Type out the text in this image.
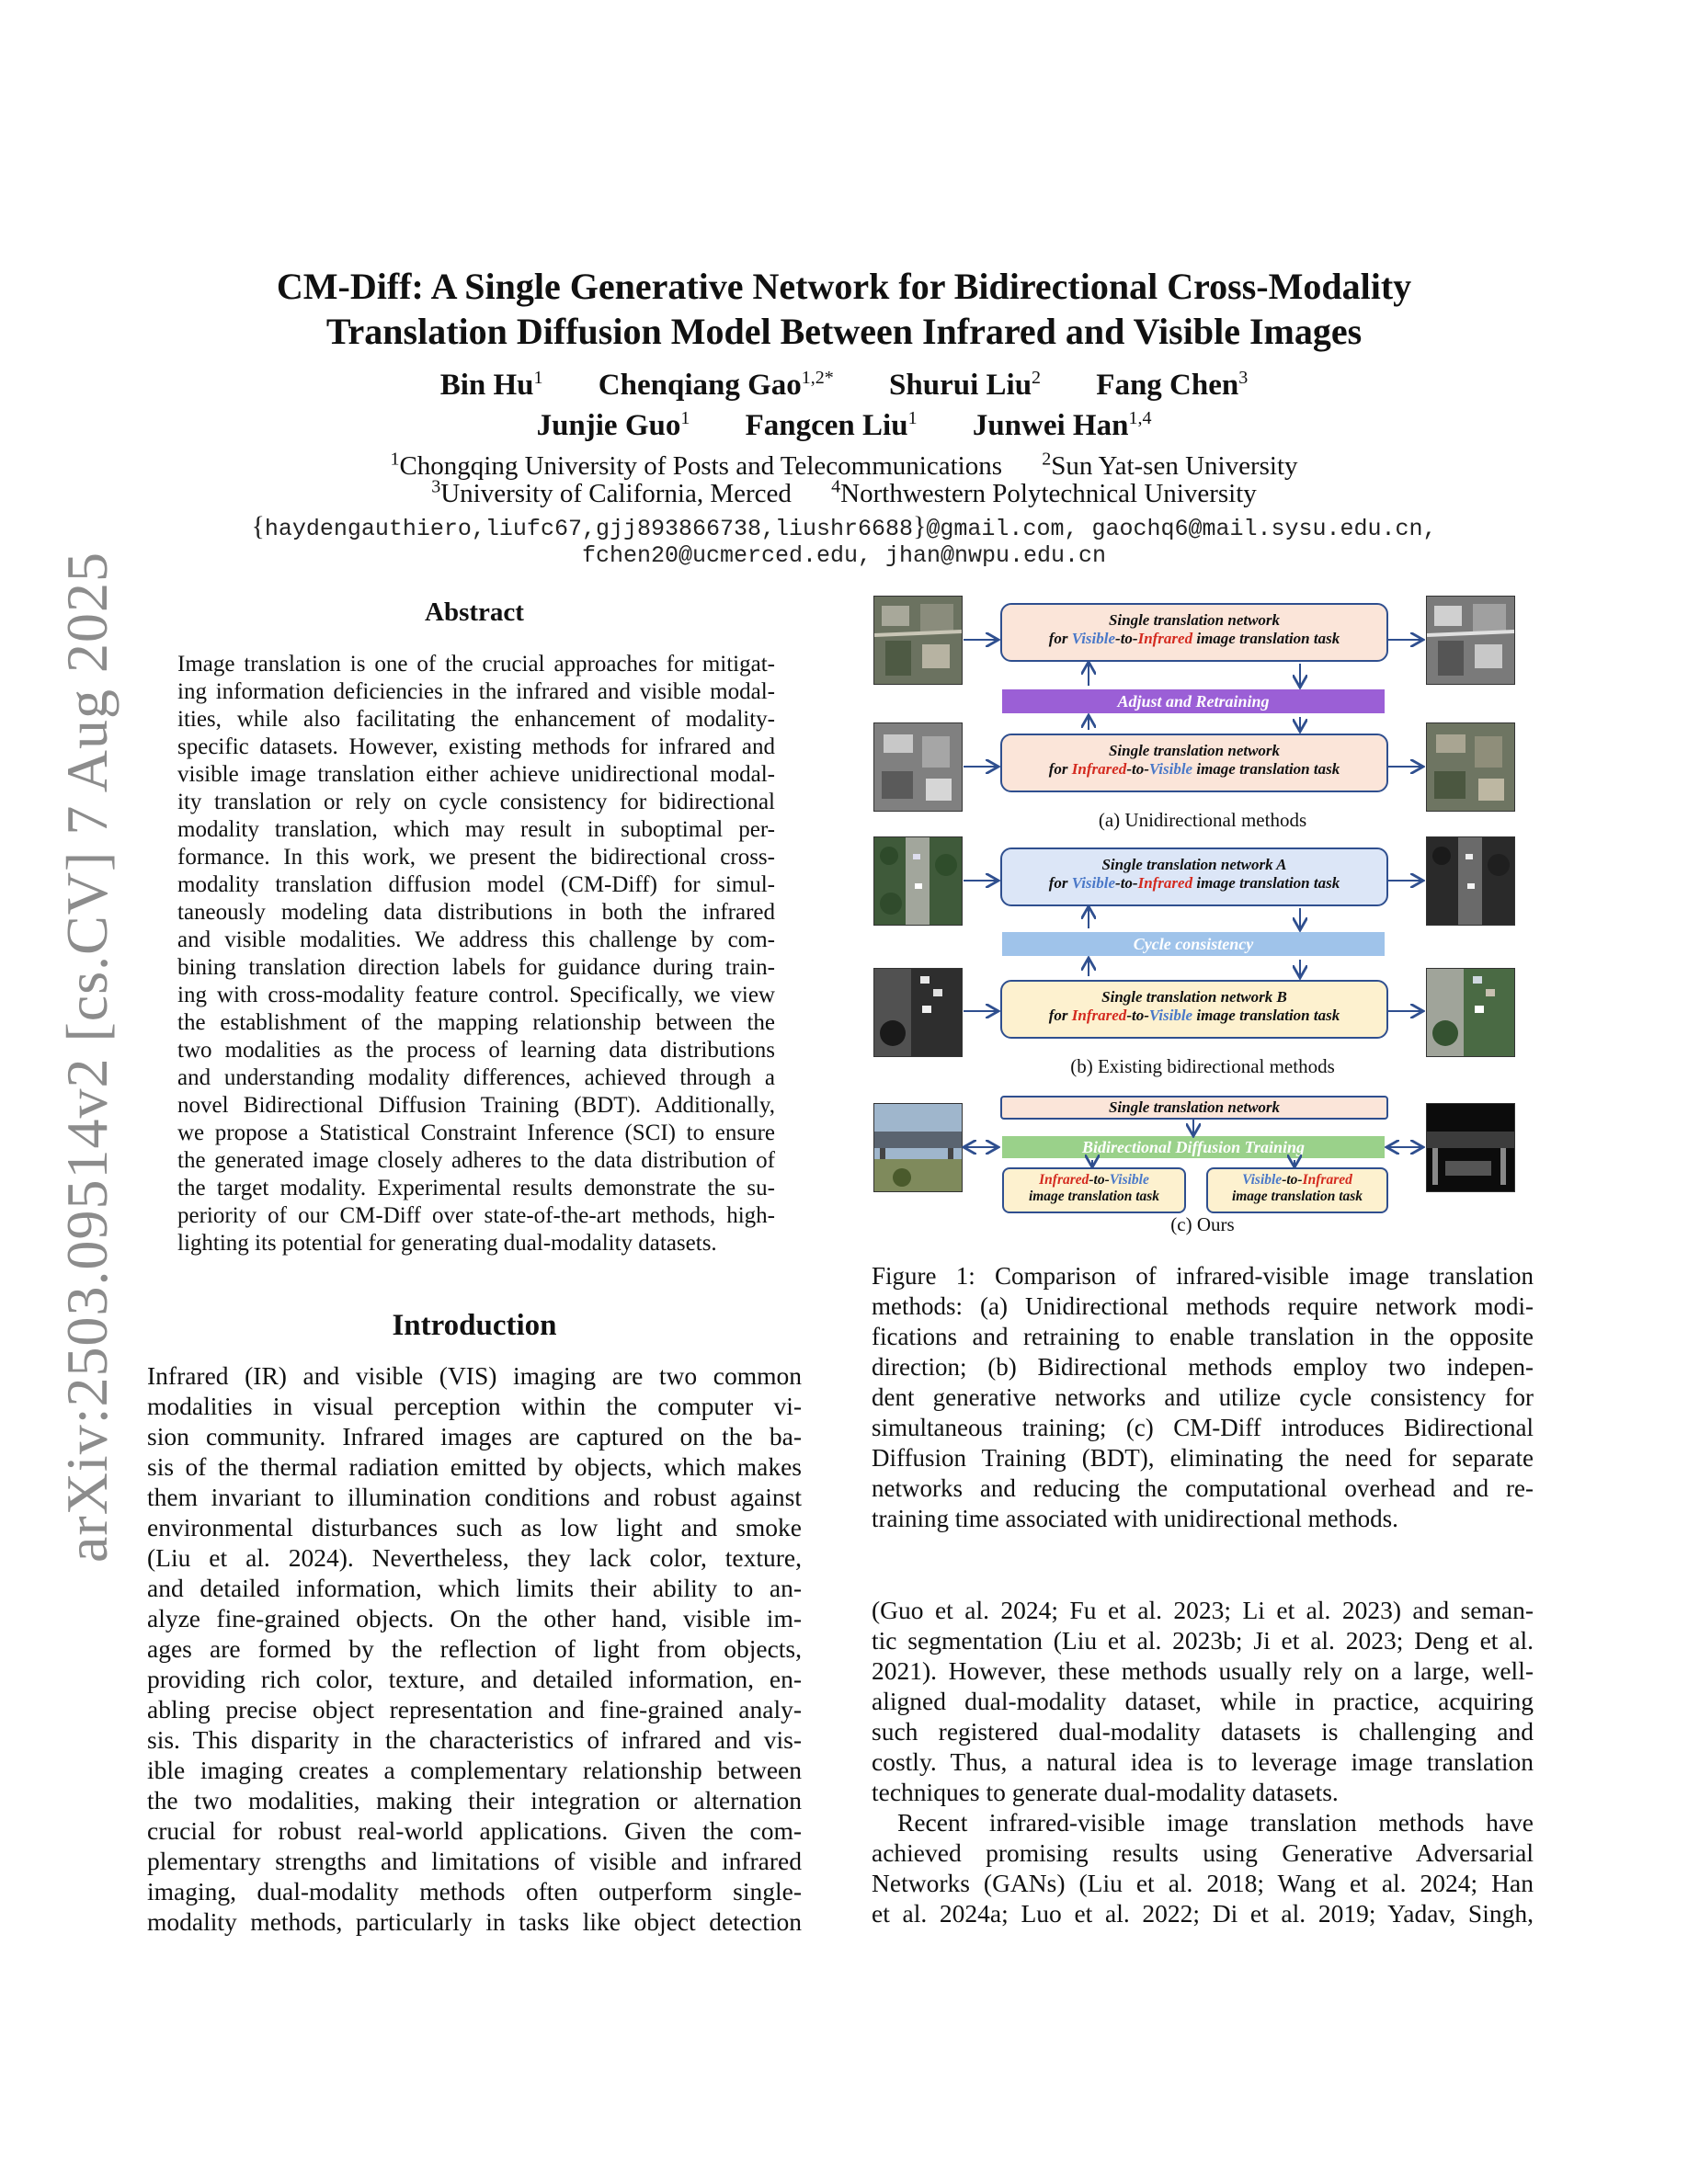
arXiv:2503.09514v2 [cs.CV] 7 Aug 2025
CM-Diff: A Single Generative Network for Bidirectional Cross-Modality
Translation Diffusion Model Between Infrared and Visible Images
Bin Hu$^1$ Chenqiang Gao$^{1,2*}$ Shurui Liu$^2$ Fang Chen$^3$
Junjie Guo$^1$ Fangcen Liu$^1$ Junwei Han$^{1,4}$
$^1$Chongqing University of Posts and Telecommunications $^2$Sun Yat-sen University
$^3$University of California, Merced $^4$Northwestern Polytechnical University
{haydengauthiero,liufc67,gjj893866738,liushr6688}@gmail.com, gaochq6@mail.sysu.edu.cn,
fchen20@ucmerced.edu, jhan@nwpu.edu.cn
Abstract
Image translation is one of the crucial approaches for mitigat-
ing information deficiencies in the infrared and visible modal-
ities, while also facilitating the enhancement of modality-
specific datasets. However, existing methods for infrared and
visible image translation either achieve unidirectional modal-
ity translation or rely on cycle consistency for bidirectional
modality translation, which may result in suboptimal per-
formance. In this work, we present the bidirectional cross-
modality translation diffusion model (CM-Diff) for simul-
taneously modeling data distributions in both the infrared
and visible modalities. We address this challenge by com-
bining translation direction labels for guidance during train-
ing with cross-modality feature control. Specifically, we view
the establishment of the mapping relationship between the
two modalities as the process of learning data distributions
and understanding modality differences, achieved through a
novel Bidirectional Diffusion Training (BDT). Additionally,
we propose a Statistical Constraint Inference (SCI) to ensure
the generated image closely adheres to the data distribution of
the target modality. Experimental results demonstrate the su-
periority of our CM-Diff over state-of-the-art methods, high-
lighting its potential for generating dual-modality datasets.
Introduction
Infrared (IR) and visible (VIS) imaging are two common
modalities in visual perception within the computer vi-
sion community. Infrared images are captured on the ba-
sis of the thermal radiation emitted by objects, which makes
them invariant to illumination conditions and robust against
environmental disturbances such as low light and smoke
(Liu et al. 2024). Nevertheless, they lack color, texture,
and detailed information, which limits their ability to an-
alyze fine-grained objects. On the other hand, visible im-
ages are formed by the reflection of light from objects,
providing rich color, texture, and detailed information, en-
abling precise object representation and fine-grained analy-
sis. This disparity in the characteristics of infrared and vis-
ible imaging creates a complementary relationship between
the two modalities, making their integration or alternation
crucial for robust real-world applications. Given the com-
plementary strengths and limitations of visible and infrared
imaging, dual-modality methods often outperform single-
modality methods, particularly in tasks like object detection
Single translation network
for Visible-to-Infrared image translation task
Adjust and Retraining
Single translation network
for Infrared-to-Visible image translation task
(a) Unidirectional methods
Single translation network A
for Visible-to-Infrared image translation task
Cycle consistency
Single translation network B
for Infrared-to-Visible image translation task
(b) Existing bidirectional methods
Single translation network
Bidirectional Diffusion Training
Infrared-to-Visible
image translation task
Visible-to-Infrared
image translation task
(c) Ours
Figure 1: Comparison of infrared-visible image translation
methods: (a) Unidirectional methods require network modi-
fications and retraining to enable translation in the opposite
direction; (b) Bidirectional methods employ two indepen-
dent generative networks and utilize cycle consistency for
simultaneous training; (c) CM-Diff introduces Bidirectional
Diffusion Training (BDT), eliminating the need for separate
networks and reducing the computational overhead and re-
training time associated with unidirectional methods.
(Guo et al. 2024; Fu et al. 2023; Li et al. 2023) and seman-
tic segmentation (Liu et al. 2023b; Ji et al. 2023; Deng et al.
2021). However, these methods usually rely on a large, well-
aligned dual-modality dataset, while in practice, acquiring
such registered dual-modality datasets is challenging and
costly. Thus, a natural idea is to leverage image translation
techniques to generate dual-modality datasets.
Recent infrared-visible image translation methods have
achieved promising results using Generative Adversarial
Networks (GANs) (Liu et al. 2018; Wang et al. 2024; Han
et al. 2024a; Luo et al. 2022; Di et al. 2019; Yadav, Singh,
